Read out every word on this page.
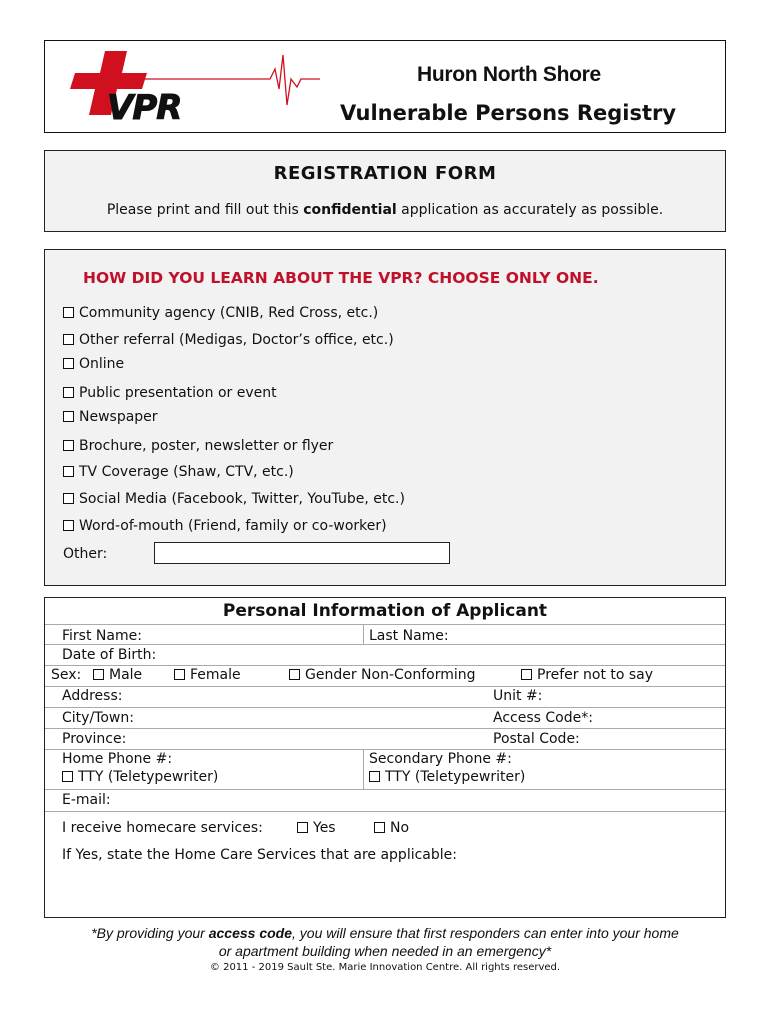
VPR
Huron North Shore
Vulnerable Persons Registry
REGISTRATION FORM
Please print and fill out this confidential application as accurately as possible.
HOW DID YOU LEARN ABOUT THE VPR? CHOOSE ONLY ONE.
Community agency (CNIB, Red Cross, etc.)
Other referral (Medigas, Doctor’s office, etc.)
Online
Public presentation or event
Newspaper
Brochure, poster, newsletter or flyer
TV Coverage (Shaw, CTV, etc.)
Social Media (Facebook, Twitter, YouTube, etc.)
Word-of-mouth (Friend, family or co-worker)
Other:
Personal Information of Applicant
First Name:	Last Name:
Date of Birth:
Sex:	Male	Female	Gender Non-Conforming	Prefer not to say
Address:	Unit #:
City/Town:	Access Code*:
Province:	Postal Code:
Home Phone #:
TTY (Teletypewriter)
Secondary Phone #:
TTY (Teletypewriter)
E-mail:
I receive homecare services:	Yes	No
If Yes, state the Home Care Services that are applicable:
*By providing your access code, you will ensure that first responders can enter into your home
or apartment building when needed in an emergency*
© 2011 - 2019 Sault Ste. Marie Innovation Centre. All rights reserved.
